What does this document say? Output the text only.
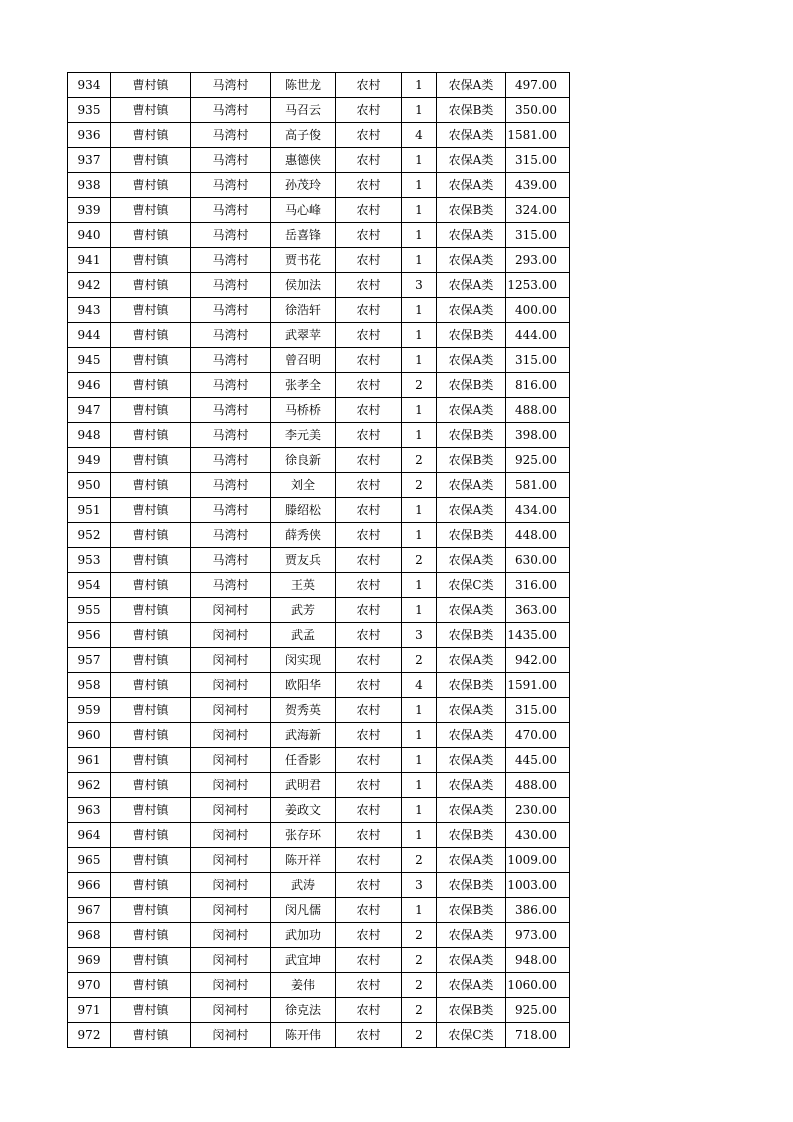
934	曹村镇	马湾村	陈世龙	农村	1	农保A类	497.00
935	曹村镇	马湾村	马召云	农村	1	农保B类	350.00
936	曹村镇	马湾村	高子俊	农村	4	农保A类	1581.00
937	曹村镇	马湾村	惠德侠	农村	1	农保A类	315.00
938	曹村镇	马湾村	孙茂玲	农村	1	农保A类	439.00
939	曹村镇	马湾村	马心峰	农村	1	农保B类	324.00
940	曹村镇	马湾村	岳喜锋	农村	1	农保A类	315.00
941	曹村镇	马湾村	贾书花	农村	1	农保A类	293.00
942	曹村镇	马湾村	侯加法	农村	3	农保A类	1253.00
943	曹村镇	马湾村	徐浩轩	农村	1	农保A类	400.00
944	曹村镇	马湾村	武翠苹	农村	1	农保B类	444.00
945	曹村镇	马湾村	曾召明	农村	1	农保A类	315.00
946	曹村镇	马湾村	张孝全	农村	2	农保B类	816.00
947	曹村镇	马湾村	马桥桥	农村	1	农保A类	488.00
948	曹村镇	马湾村	李元美	农村	1	农保B类	398.00
949	曹村镇	马湾村	徐良新	农村	2	农保B类	925.00
950	曹村镇	马湾村	刘全	农村	2	农保A类	581.00
951	曹村镇	马湾村	滕绍松	农村	1	农保A类	434.00
952	曹村镇	马湾村	薛秀侠	农村	1	农保B类	448.00
953	曹村镇	马湾村	贾友兵	农村	2	农保A类	630.00
954	曹村镇	马湾村	王英	农村	1	农保C类	316.00
955	曹村镇	闵祠村	武芳	农村	1	农保A类	363.00
956	曹村镇	闵祠村	武孟	农村	3	农保B类	1435.00
957	曹村镇	闵祠村	闵实现	农村	2	农保A类	942.00
958	曹村镇	闵祠村	欧阳华	农村	4	农保B类	1591.00
959	曹村镇	闵祠村	贺秀英	农村	1	农保A类	315.00
960	曹村镇	闵祠村	武海新	农村	1	农保A类	470.00
961	曹村镇	闵祠村	任香影	农村	1	农保A类	445.00
962	曹村镇	闵祠村	武明君	农村	1	农保A类	488.00
963	曹村镇	闵祠村	姜政文	农村	1	农保A类	230.00
964	曹村镇	闵祠村	张存环	农村	1	农保B类	430.00
965	曹村镇	闵祠村	陈开祥	农村	2	农保A类	1009.00
966	曹村镇	闵祠村	武涛	农村	3	农保B类	1003.00
967	曹村镇	闵祠村	闵凡儒	农村	1	农保B类	386.00
968	曹村镇	闵祠村	武加功	农村	2	农保A类	973.00
969	曹村镇	闵祠村	武宜坤	农村	2	农保A类	948.00
970	曹村镇	闵祠村	姜伟	农村	2	农保A类	1060.00
971	曹村镇	闵祠村	徐克法	农村	2	农保B类	925.00
972	曹村镇	闵祠村	陈开伟	农村	2	农保C类	718.00
